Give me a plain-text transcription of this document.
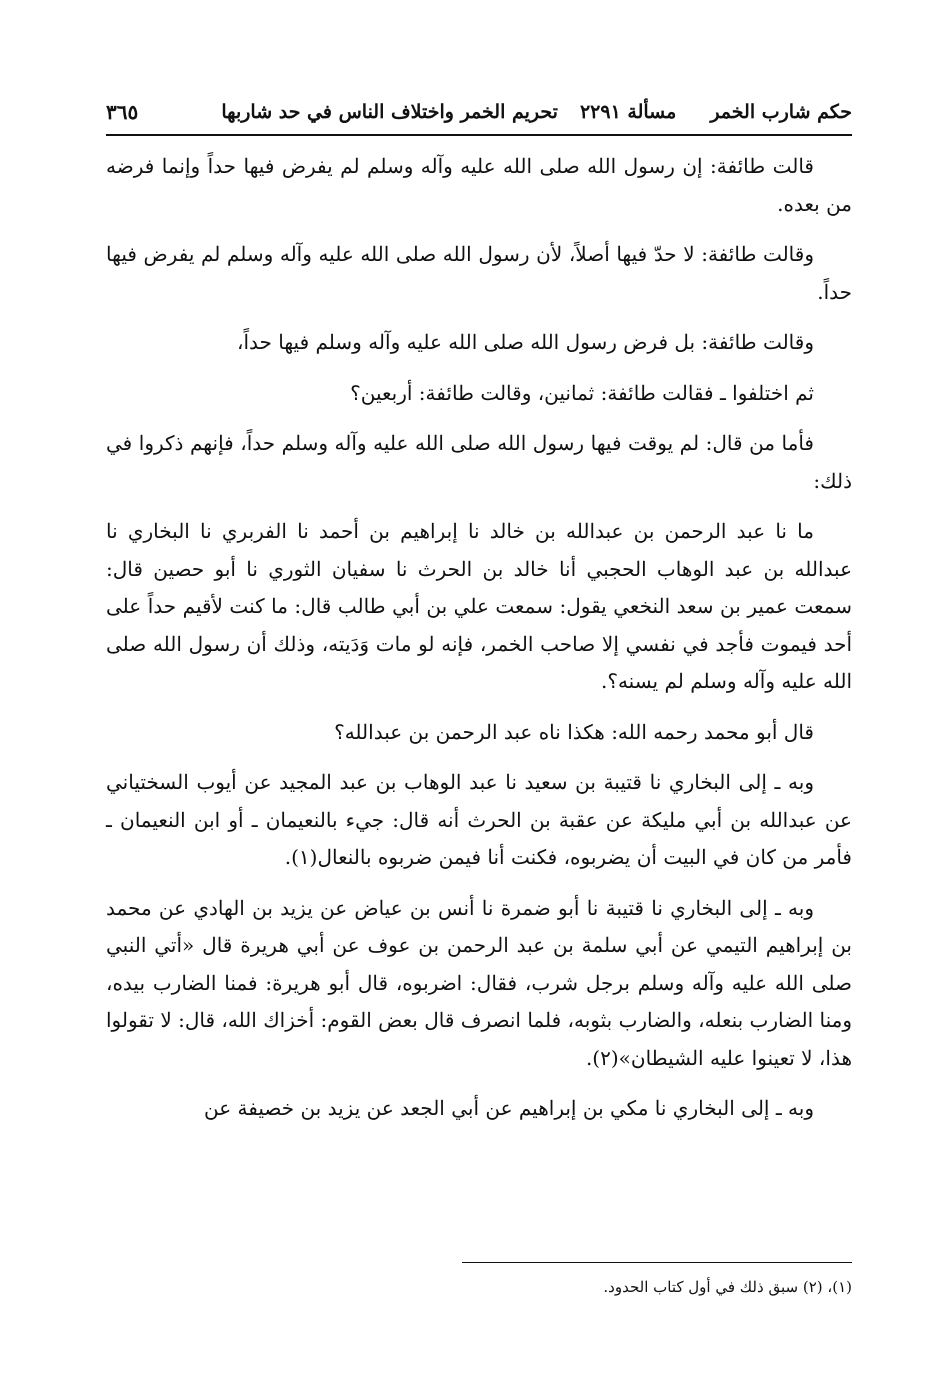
حكم شارب الخمر
مسألة ٢٢٩١
تحريم الخمر واختلاف الناس في حد شاربها
٣٦٥

قالت طائفة: إن رسول الله صلى الله عليه وآله وسلم لم يفرض فيها حداً وإنما فرضه من بعده.

وقالت طائفة: لا حدّ فيها أصلاً، لأن رسول الله صلى الله عليه وآله وسلم لم يفرض فيها حداً.

وقالت طائفة: بل فرض رسول الله صلى الله عليه وآله وسلم فيها حداً،

ثم اختلفوا ـ فقالت طائفة: ثمانين، وقالت طائفة: أربعين؟

فأما من قال: لم يوقت فيها رسول الله صلى الله عليه وآله وسلم حداً، فإنهم ذكروا في ذلك:

ما نا عبد الرحمن بن عبدالله بن خالد نا إبراهيم بن أحمد نا الفربري نا البخاري نا عبدالله بن عبد الوهاب الحجبي أنا خالد بن الحرث نا سفيان الثوري نا أبو حصين قال: سمعت عمير بن سعد النخعي يقول: سمعت علي بن أبي طالب قال: ما كنت لأقيم حداً على أحد فيموت فأجد في نفسي إلا صاحب الخمر، فإنه لو مات وَدَيته، وذلك أن رسول الله صلى الله عليه وآله وسلم لم يسنه؟.

قال أبو محمد رحمه الله: هكذا ناه عبد الرحمن بن عبدالله؟

وبه ـ إلى البخاري نا قتيبة بن سعيد نا عبد الوهاب بن عبد المجيد عن أيوب السختياني عن عبدالله بن أبي مليكة عن عقبة بن الحرث أنه قال: جيء بالنعيمان ـ أو ابن النعيمان ـ فأمر من كان في البيت أن يضربوه، فكنت أنا فيمن ضربوه بالنعال(١).

وبه ـ إلى البخاري نا قتيبة نا أبو ضمرة نا أنس بن عياض عن يزيد بن الهادي عن محمد بن إبراهيم التيمي عن أبي سلمة بن عبد الرحمن بن عوف عن أبي هريرة قال «أتي النبي صلى الله عليه وآله وسلم برجل شرب، فقال: اضربوه، قال أبو هريرة: فمنا الضارب بيده، ومنا الضارب بنعله، والضارب بثوبه، فلما انصرف قال بعض القوم: أخزاك الله، قال: لا تقولوا هذا، لا تعينوا عليه الشيطان»(٢).

وبه ـ إلى البخاري نا مكي بن إبراهيم عن أبي الجعد عن يزيد بن خصيفة عن

(١)، (٢) سبق ذلك في أول كتاب الحدود.
